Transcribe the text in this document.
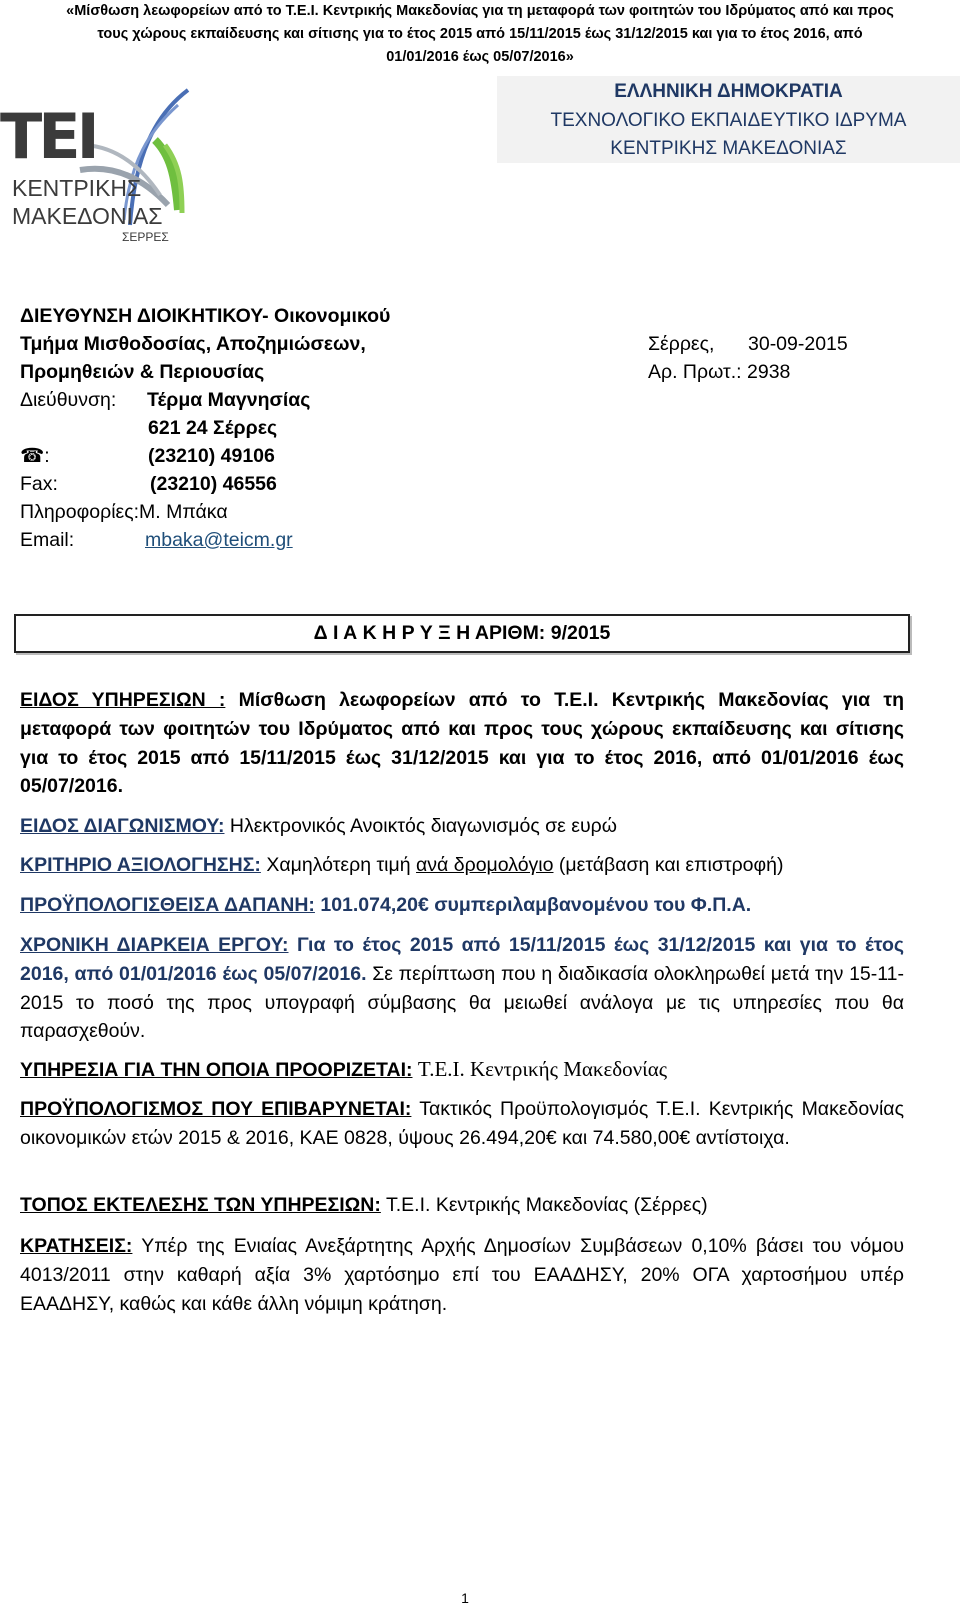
«Μίσθωση λεωφορείων από το Τ.Ε.Ι. Κεντρικής Μακεδονίας για τη μεταφορά των φοιτητών του Ιδρύματος από και προς
τους χώρους εκπαίδευσης και σίτισης για το έτος 2015 από 15/11/2015 έως 31/12/2015 και για το έτος 2016, από
01/01/2016 έως 05/07/2016»
ΕΛΛΗΝΙΚΗ ΔΗΜΟΚΡΑΤΙΑ
ΤΕΧΝΟΛΟΓΙΚΟ ΕΚΠΑΙΔΕΥΤΙΚΟ ΙΔΡΥΜΑ
ΚΕΝΤΡΙΚΗΣ ΜΑΚΕΔΟΝΙΑΣ
ΤΕΙ
ΚΕΝΤΡΙΚΗΣ
ΜΑΚΕΔΟΝΙΑΣ
ΣΕΡΡΕΣ
ΔΙΕΥΘΥΝΣΗ ΔΙΟΙΚΗΤΙΚΟΥ- Οικονομικού
Τμήμα Μισθοδοσίας, Αποζημιώσεων,
Προμηθειών & Περιουσίας
Διεύθυνση: Τέρμα Μαγνησίας
621 24 Σέρρες
☎:	(23210) 49106
Fax:	(23210) 46556
Πληροφορίες:Μ. Μπάκα
Email:	mbaka@teicm.gr
Σέρρες, 30-09-2015
Αρ. Πρωτ.: 2938
Δ Ι Α Κ Η Ρ Υ Ξ Η ΑΡΙΘΜ: 9/2015
ΕΙΔΟΣ ΥΠΗΡΕΣΙΩΝ : Μίσθωση λεωφορείων από το Τ.Ε.Ι. Κεντρικής Μακεδονίας για τη μεταφορά των φοιτητών του Ιδρύματος από και προς τους χώρους εκπαίδευσης και σίτισης για το έτος 2015 από 15/11/2015 έως 31/12/2015 και για το έτος 2016, από 01/01/2016 έως 05/07/2016.
ΕΙΔΟΣ ΔΙΑΓΩΝΙΣΜΟΥ: Ηλεκτρονικός Ανοικτός διαγωνισμός σε ευρώ
ΚΡΙΤΗΡΙΟ ΑΞΙΟΛΟΓΗΣΗΣ: Χαμηλότερη τιμή ανά δρομολόγιο (μετάβαση και επιστροφή)
ΠΡΟΫΠΟΛΟΓΙΣΘΕΙΣΑ ΔΑΠΑΝΗ: 101.074,20€ συμπεριλαμβανομένου του Φ.Π.Α.
ΧΡΟΝΙΚΗ ΔΙΑΡΚΕΙΑ ΕΡΓΟΥ: Για το έτος 2015 από 15/11/2015 έως 31/12/2015 και για το έτος 2016, από 01/01/2016 έως 05/07/2016. Σε περίπτωση που η διαδικασία ολοκληρωθεί μετά την 15-11-2015 το ποσό της προς υπογραφή σύμβασης θα μειωθεί ανάλογα με τις υπηρεσίες που θα παρασχεθούν.
ΥΠΗΡΕΣΙΑ ΓΙΑ ΤΗΝ ΟΠΟΙΑ ΠΡΟΟΡΙΖΕΤΑΙ: Τ.Ε.Ι. Κεντρικής Μακεδονίας
ΠΡΟΫΠΟΛΟΓΙΣΜΟΣ ΠΟΥ ΕΠΙΒΑΡΥΝΕΤΑΙ: Τακτικός Προϋπολογισμός Τ.Ε.Ι. Κεντρικής Μακεδονίας οικονομικών ετών 2015 & 2016, ΚΑΕ 0828, ύψους 26.494,20€ και 74.580,00€ αντίστοιχα.
ΤΟΠΟΣ ΕΚΤΕΛΕΣΗΣ ΤΩΝ ΥΠΗΡΕΣΙΩΝ: Τ.Ε.Ι. Κεντρικής Μακεδονίας (Σέρρες)
ΚΡΑΤΗΣΕΙΣ: Υπέρ της Ενιαίας Ανεξάρτητης Αρχής Δημοσίων Συμβάσεων 0,10% βάσει του νόμου 4013/2011 στην καθαρή αξία 3% χαρτόσημο επί του ΕΑΑΔΗΣΥ, 20% ΟΓΑ χαρτοσήμου υπέρ ΕΑΑΔΗΣΥ, καθώς και κάθε άλλη νόμιμη κράτηση.
1
